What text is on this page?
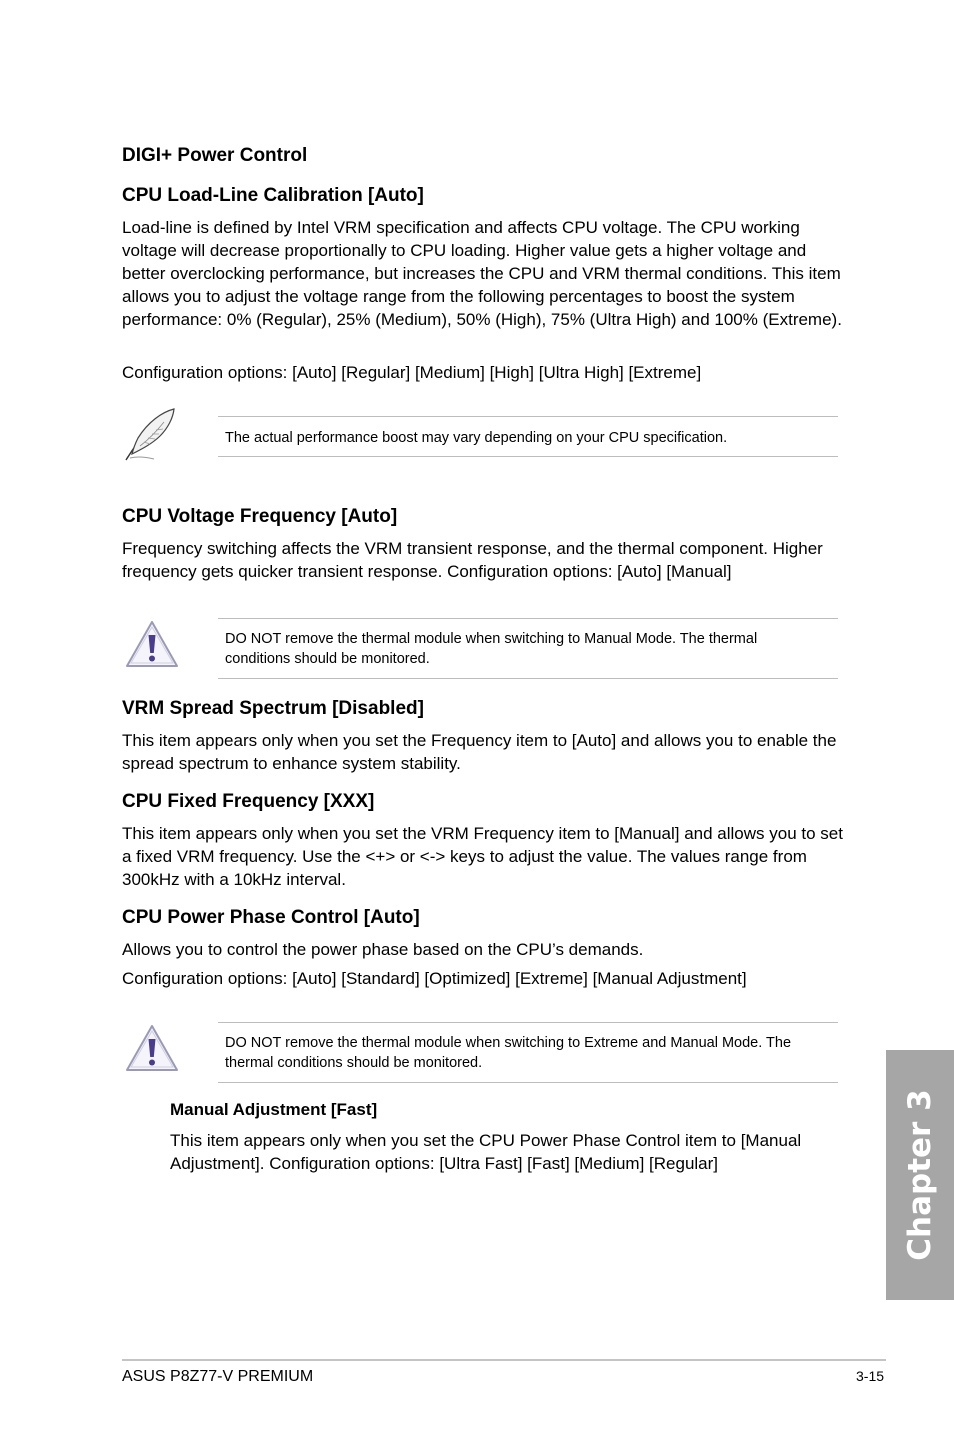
DIGI+ Power Control
CPU Load-Line Calibration [Auto]

Load-line is defined by Intel VRM specification and affects CPU voltage. The CPU working voltage will decrease proportionally to CPU loading. Higher value gets a higher voltage and better overclocking performance, but increases the CPU and VRM thermal conditions. This item allows you to adjust the voltage range from the following percentages to boost the system performance: 0% (Regular), 25% (Medium), 50% (High), 75% (Ultra High) and 100% (Extreme).

Configuration options: [Auto] [Regular] [Medium] [High] [Ultra High] [Extreme]

The actual performance boost may vary depending on your CPU specification.

CPU Voltage Frequency [Auto]

Frequency switching affects the VRM transient response, and the thermal component. Higher frequency gets quicker transient response. Configuration options: [Auto] [Manual]

DO NOT remove the thermal module when switching to Manual Mode. The thermal conditions should be monitored.

VRM Spread Spectrum [Disabled]

This item appears only when you set the Frequency item to [Auto] and allows you to enable the spread spectrum to enhance system stability.

CPU Fixed Frequency [XXX]

This item appears only when you set the VRM Frequency item to [Manual] and allows you to set a fixed VRM frequency. Use the <+> or <-> keys to adjust the value. The values range from 300kHz with a 10kHz interval.

CPU Power Phase Control [Auto]

Allows you to control the power phase based on the CPU’s demands.

Configuration options: [Auto] [Standard] [Optimized] [Extreme] [Manual Adjustment]

DO NOT remove the thermal module when switching to Extreme and Manual Mode. The thermal conditions should be monitored.

Manual Adjustment [Fast]

This item appears only when you set the CPU Power Phase Control item to [Manual Adjustment]. Configuration options: [Ultra Fast] [Fast] [Medium] [Regular]	Chapter 3

ASUS P8Z77-V PREMIUM	3-15
